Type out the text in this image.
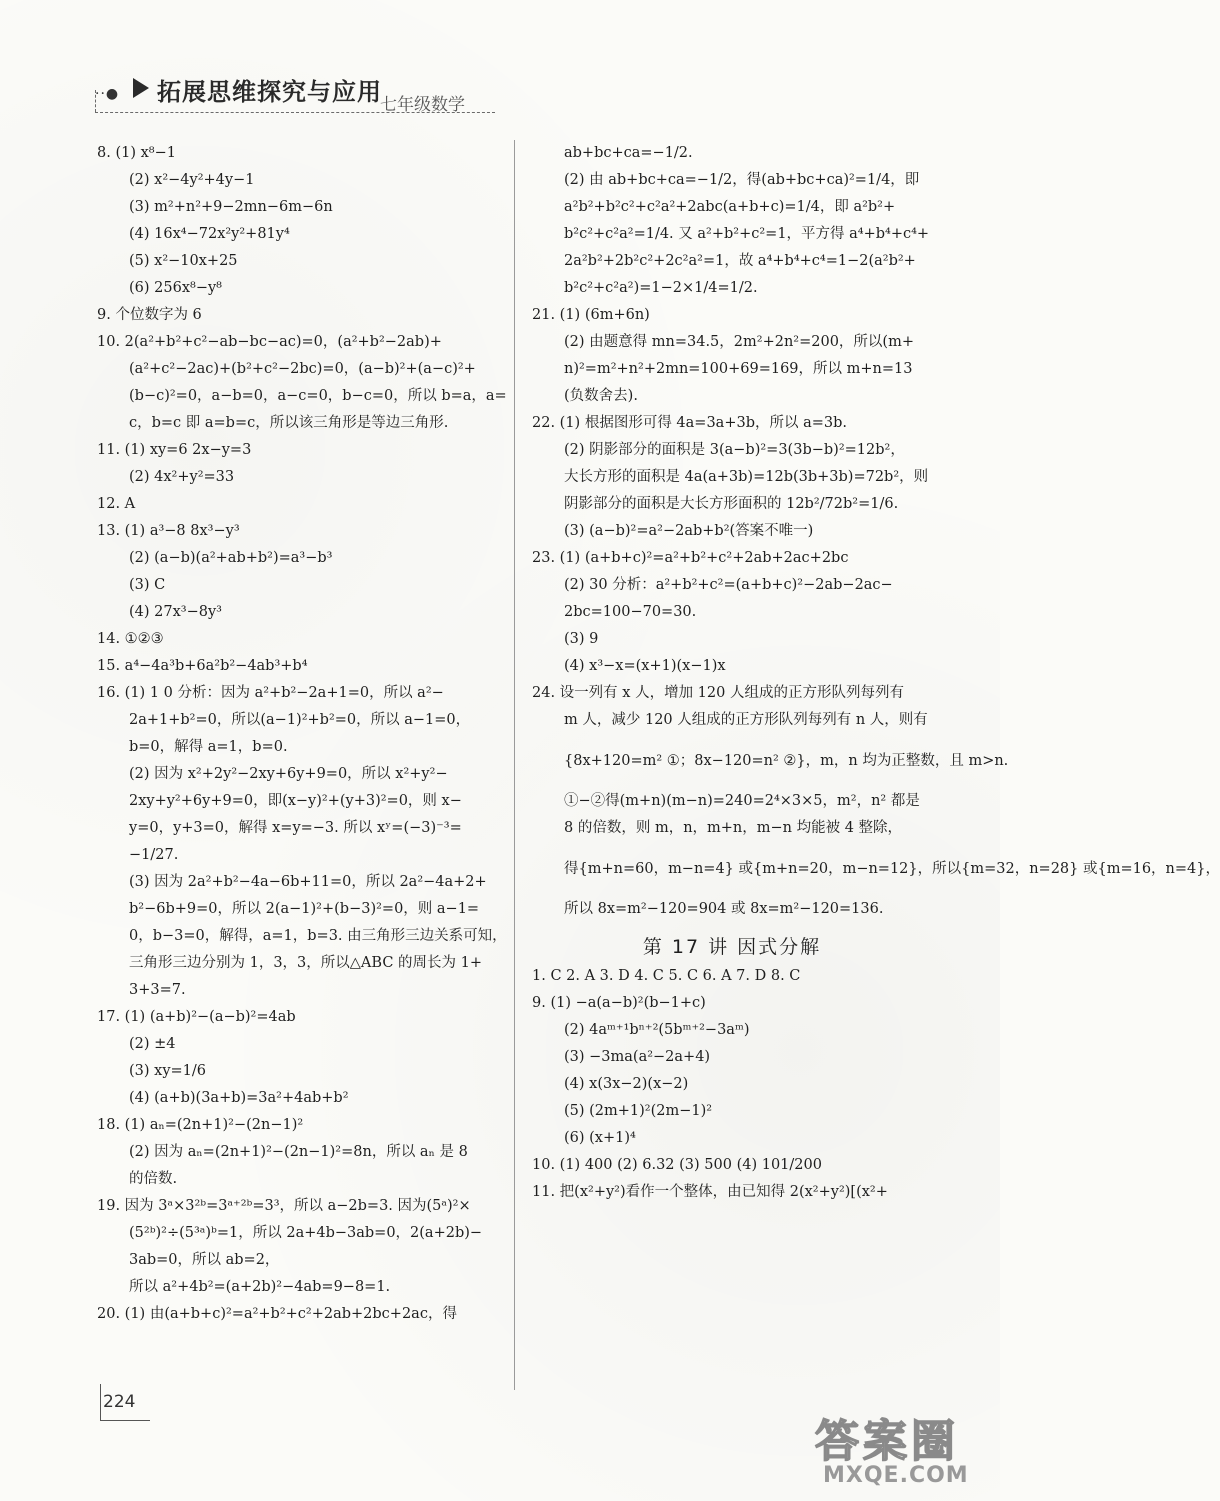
··● 拓展思维探究与应用
七年级数学
8. (1) x⁸−1
(2) x²−4y²+4y−1
(3) m²+n²+9−2mn−6m−6n
(4) 16x⁴−72x²y²+81y⁴
(5) x²−10x+25
(6) 256x⁸−y⁸
9. 个位数字为 6
10. 2(a²+b²+c²−ab−bc−ac)=0，(a²+b²−2ab)+
(a²+c²−2ac)+(b²+c²−2bc)=0，(a−b)²+(a−c)²+
(b−c)²=0，a−b=0，a−c=0，b−c=0，所以 b=a，a=
c，b=c 即 a=b=c，所以该三角形是等边三角形.
11. (1) xy=6 2x−y=3
(2) 4x²+y²=33
12. A
13. (1) a³−8 8x³−y³
(2) (a−b)(a²+ab+b²)=a³−b³
(3) C
(4) 27x³−8y³
14. ①②③
15. a⁴−4a³b+6a²b²−4ab³+b⁴
16. (1) 1 0 分析：因为 a²+b²−2a+1=0，所以 a²−
2a+1+b²=0，所以(a−1)²+b²=0，所以 a−1=0，
b=0，解得 a=1，b=0.
(2) 因为 x²+2y²−2xy+6y+9=0，所以 x²+y²−
2xy+y²+6y+9=0，即(x−y)²+(y+3)²=0，则 x−
y=0，y+3=0，解得 x=y=−3. 所以 xʸ=(−3)⁻³=
−1/27.
(3) 因为 2a²+b²−4a−6b+11=0，所以 2a²−4a+2+
b²−6b+9=0，所以 2(a−1)²+(b−3)²=0，则 a−1=
0，b−3=0，解得，a=1，b=3. 由三角形三边关系可知，
三角形三边分别为 1，3，3，所以△ABC 的周长为 1+
3+3=7.
17. (1) (a+b)²−(a−b)²=4ab
(2) ±4
(3) xy=1/6
(4) (a+b)(3a+b)=3a²+4ab+b²
18. (1) aₙ=(2n+1)²−(2n−1)²
(2) 因为 aₙ=(2n+1)²−(2n−1)²=8n，所以 aₙ 是 8
的倍数.
19. 因为 3ᵃ×3²ᵇ=3ᵃ⁺²ᵇ=3³，所以 a−2b=3. 因为(5ᵃ)²×
(5²ᵇ)²÷(5³ᵃ)ᵇ=1，所以 2a+4b−3ab=0，2(a+2b)−
3ab=0，所以 ab=2，
所以 a²+4b²=(a+2b)²−4ab=9−8=1.
20. (1) 由(a+b+c)²=a²+b²+c²+2ab+2bc+2ac，得
ab+bc+ca=−1/2.
(2) 由 ab+bc+ca=−1/2，得(ab+bc+ca)²=1/4，即
a²b²+b²c²+c²a²+2abc(a+b+c)=1/4，即 a²b²+
b²c²+c²a²=1/4. 又 a²+b²+c²=1，平方得 a⁴+b⁴+c⁴+
2a²b²+2b²c²+2c²a²=1，故 a⁴+b⁴+c⁴=1−2(a²b²+
b²c²+c²a²)=1−2×1/4=1/2.
21. (1) (6m+6n)
(2) 由题意得 mn=34.5，2m²+2n²=200，所以(m+
n)²=m²+n²+2mn=100+69=169，所以 m+n=13
(负数舍去).
22. (1) 根据图形可得 4a=3a+3b，所以 a=3b.
(2) 阴影部分的面积是 3(a−b)²=3(3b−b)²=12b²，
大长方形的面积是 4a(a+3b)=12b(3b+3b)=72b²，则
阴影部分的面积是大长方形面积的 12b²/72b²=1/6.
(3) (a−b)²=a²−2ab+b²(答案不唯一)
23. (1) (a+b+c)²=a²+b²+c²+2ab+2ac+2bc
(2) 30 分析：a²+b²+c²=(a+b+c)²−2ab−2ac−
2bc=100−70=30.
(3) 9
(4) x³−x=(x+1)(x−1)x
24. 设一列有 x 人，增加 120 人组成的正方形队列每列有
m 人，减少 120 人组成的正方形队列每列有 n 人，则有
{8x+120=m² ①；8x−120=n² ②}，m，n 均为正整数，且 m>n.
①−②得(m+n)(m−n)=240=2⁴×3×5，m²，n² 都是
8 的倍数，则 m，n，m+n，m−n 均能被 4 整除，
得{m+n=60，m−n=4} 或{m+n=20，m−n=12}，所以{m=32，n=28} 或{m=16，n=4}，
所以 8x=m²−120=904 或 8x=m²−120=136.
第 17 讲 因式分解
1. C 2. A 3. D 4. C 5. C 6. A 7. D 8. C
9. (1) −a(a−b)²(b−1+c)
(2) 4aᵐ⁺¹bⁿ⁺²(5bᵐ⁺²−3aᵐ)
(3) −3ma(a²−2a+4)
(4) x(3x−2)(x−2)
(5) (2m+1)²(2m−1)²
(6) (x+1)⁴
10. (1) 400 (2) 6.32 (3) 500 (4) 101/200
11. 把(x²+y²)看作一个整体，由已知得 2(x²+y²)[(x²+
224
答案圈
MXQE.COM
